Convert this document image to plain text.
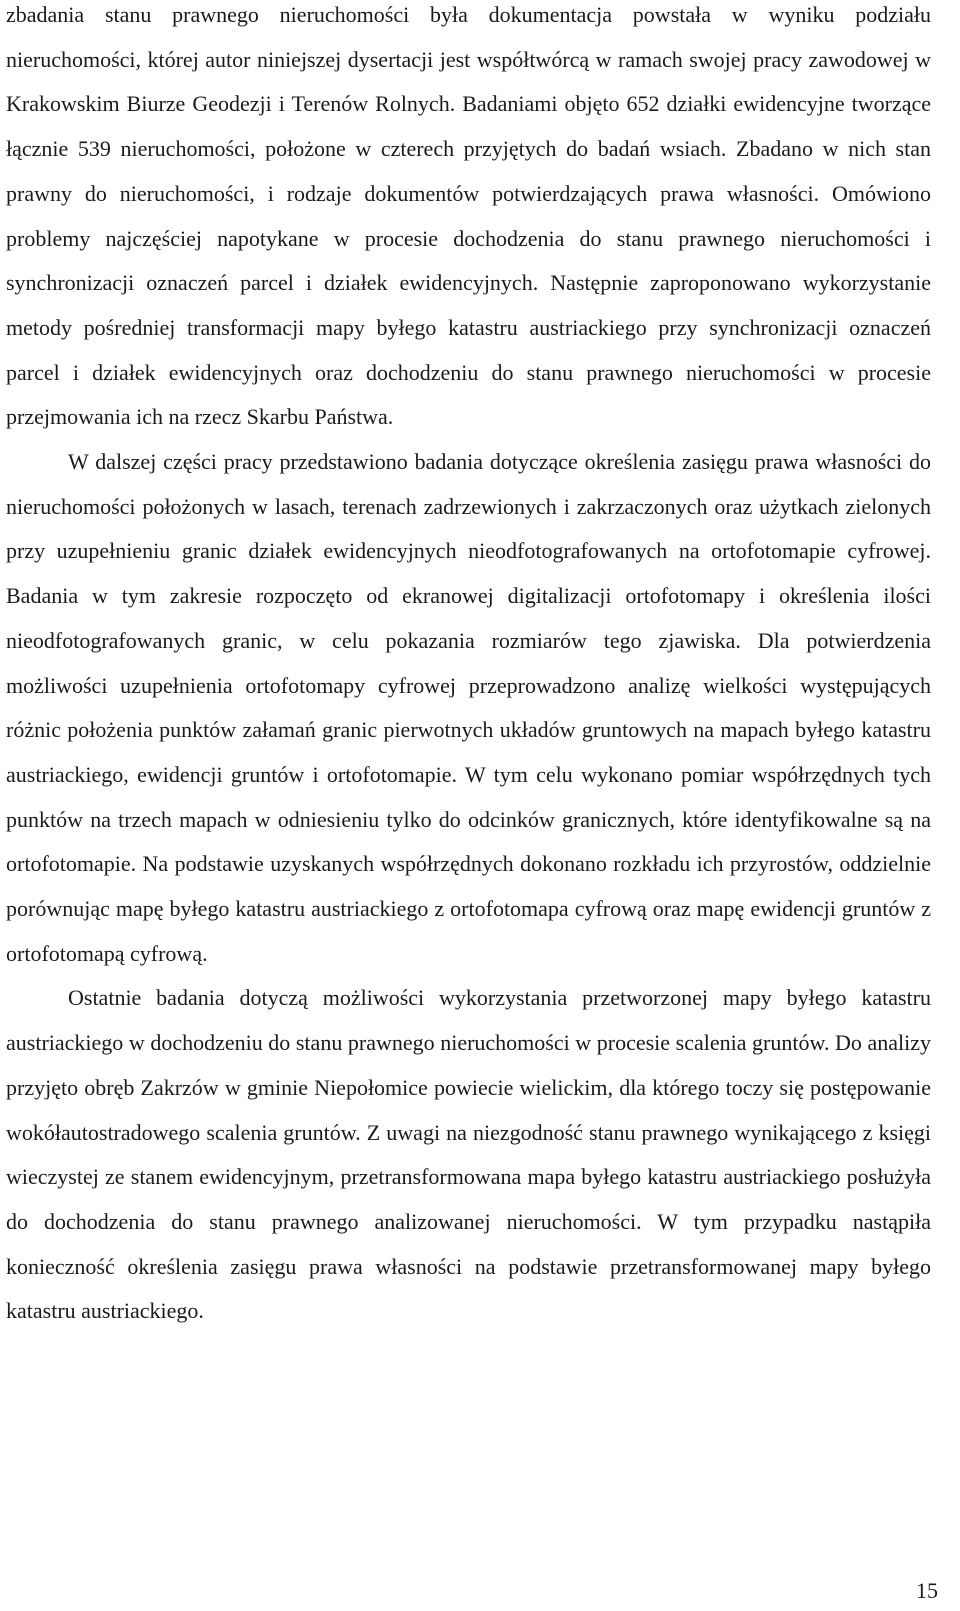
zbadania stanu prawnego nieruchomości była dokumentacja powstała w wyniku podziału nieruchomości, której autor niniejszej dysertacji jest współtwórcą w ramach swojej pracy zawodowej w Krakowskim Biurze Geodezji i Terenów Rolnych. Badaniami objęto 652 działki ewidencyjne tworzące łącznie 539 nieruchomości, położone w czterech przyjętych do badań wsiach. Zbadano w nich stan prawny do nieruchomości, i rodzaje dokumentów potwierdzających prawa własności. Omówiono problemy najczęściej napotykane w procesie dochodzenia do stanu prawnego nieruchomości i synchronizacji oznaczeń parcel i działek ewidencyjnych. Następnie zaproponowano wykorzystanie metody pośredniej transformacji mapy byłego katastru austriackiego przy synchronizacji oznaczeń parcel i działek ewidencyjnych oraz dochodzeniu do stanu prawnego nieruchomości w procesie przejmowania ich na rzecz Skarbu Państwa.

W dalszej części pracy przedstawiono badania dotyczące określenia zasięgu prawa własności do nieruchomości położonych w lasach, terenach zadrzewionych i zakrzaczonych oraz użytkach zielonych przy uzupełnieniu granic działek ewidencyjnych nieodfotografowanych na ortofotomapie cyfrowej. Badania w tym zakresie rozpoczęto od ekranowej digitalizacji ortofotomapy i określenia ilości nieodfotografowanych granic, w celu pokazania rozmiarów tego zjawiska. Dla potwierdzenia możliwości uzupełnienia ortofotomapy cyfrowej przeprowadzono analizę wielkości występujących różnic położenia punktów załamań granic pierwotnych układów gruntowych na mapach byłego katastru austriackiego, ewidencji gruntów i ortofotomapie. W tym celu wykonano pomiar współrzędnych tych punktów na trzech mapach w odniesieniu tylko do odcinków granicznych, które identyfikowalne są na ortofotomapie. Na podstawie uzyskanych współrzędnych dokonano rozkładu ich przyrostów, oddzielnie porównując mapę byłego katastru austriackiego z ortofotomapa cyfrową oraz mapę ewidencji gruntów z ortofotomapą cyfrową.

Ostatnie badania dotyczą możliwości wykorzystania przetworzonej mapy byłego katastru austriackiego w dochodzeniu do stanu prawnego nieruchomości w procesie scalenia gruntów. Do analizy przyjęto obręb Zakrzów w gminie Niepołomice powiecie wielickim, dla którego toczy się postępowanie wokółautostradowego scalenia gruntów. Z uwagi na niezgodność stanu prawnego wynikającego z księgi wieczystej ze stanem ewidencyjnym, przetransformowana mapa byłego katastru austriackiego posłużyła do dochodzenia do stanu prawnego analizowanej nieruchomości. W tym przypadku nastąpiła konieczność określenia zasięgu prawa własności na podstawie przetransformowanej mapy byłego katastru austriackiego.

15
